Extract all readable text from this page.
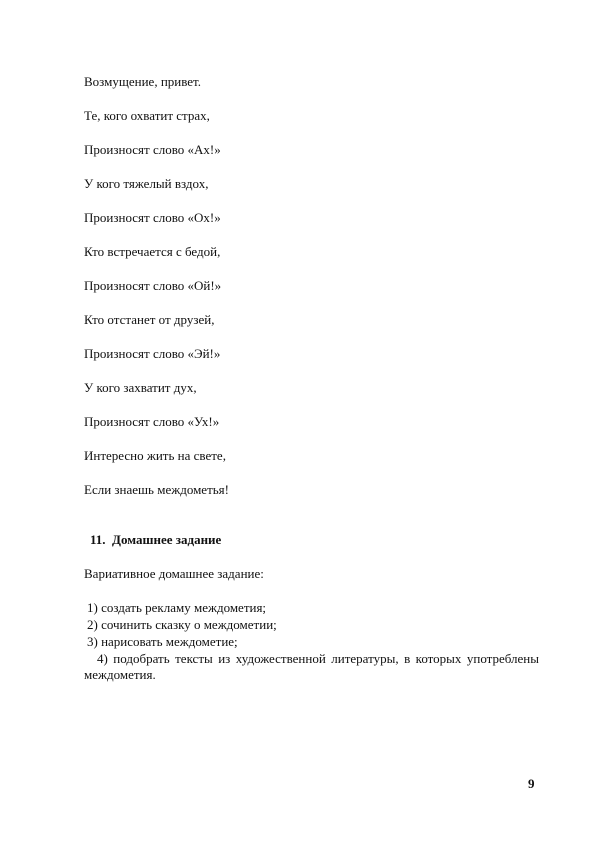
Возмущение, привет.
Те, кого охватит страх,
Произносят слово «Ах!»
У кого тяжелый вздох,
Произносят слово «Ох!»
Кто встречается с бедой,
Произносят слово «Ой!»
Кто отстанет от друзей,
Произносят слово «Эй!»
У кого захватит дух,
Произносят слово «Ух!»
Интересно жить на свете,
Если знаешь междометья!
11. Домашнее задание
Вариативное домашнее задание:
1) создать рекламу междометия;
2) сочинить сказку о междометии;
3) нарисовать междометие;
4) подобрать тексты из художественной литературы, в которых употреблены междометия.
9
